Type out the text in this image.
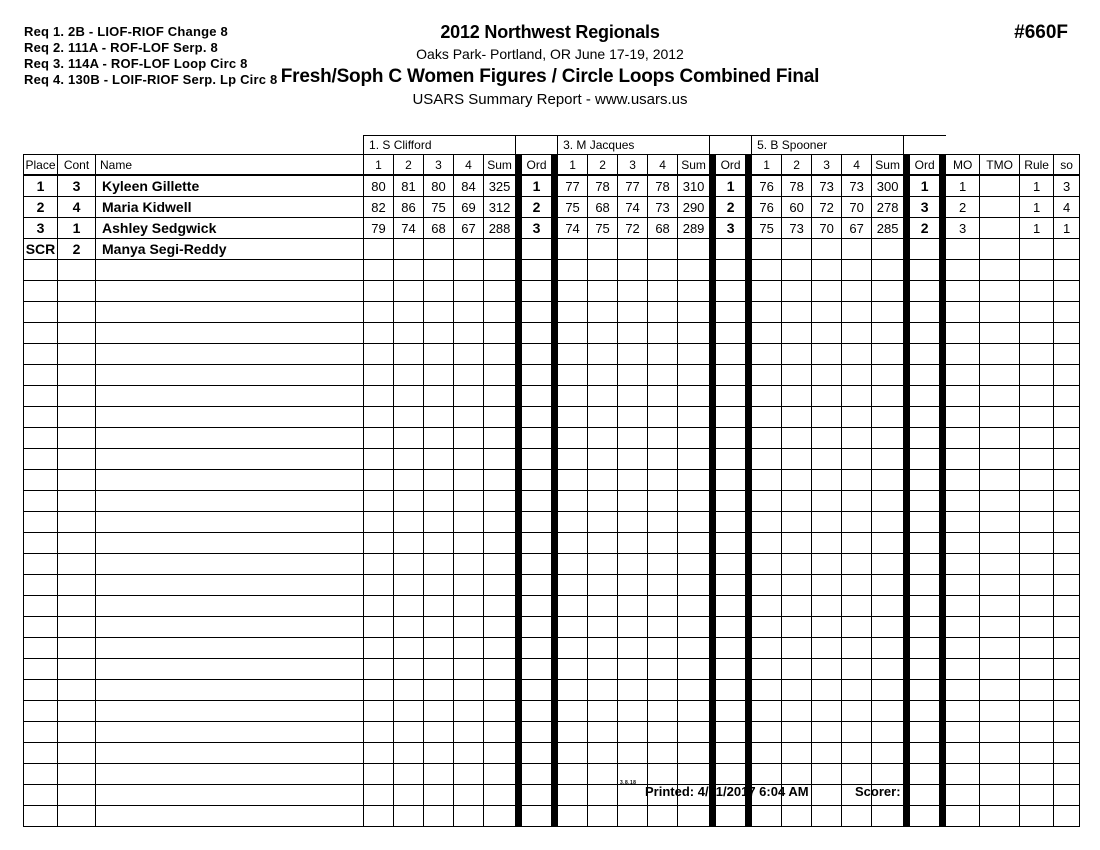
Req 1. 2B - LIOF-RIOF Change 8
Req 2. 111A - ROF-LOF Serp. 8
Req 3. 114A - ROF-LOF Loop Circ 8
Req 4. 130B - LOIF-RIOF Serp. Lp Circ 8
2012 Northwest Regionals
Oaks Park- Portland, OR June 17-19, 2012
Fresh/Soph C Women Figures / Circle Loops Combined Final
USARS Summary Report - www.usars.us
#660F
			1. S Clifford								3. M Jacques								5. B Spooner											
Place	Cont	Name	1	2	3	4	Sum		Ord		1	2	3	4	Sum		Ord		1	2	3	4	Sum		Ord		MO	TMO	Rule	so
1	3	Kyleen Gillette	80	81	80	84	325		1		77	78	77	78	310		1		76	78	73	73	300		1		1		1	3
2	4	Maria Kidwell	82	86	75	69	312		2		75	68	74	73	290		2		76	60	72	70	278		3		2		1	4
3	1	Ashley Sedgwick	79	74	68	67	288		3		74	75	72	68	289		3		75	73	70	67	285		2		3		1	1
SCR	2	Manya Segi-Reddy																												

3.8.18
Printed: 4/21/2017 6:04 AM	Scorer:
